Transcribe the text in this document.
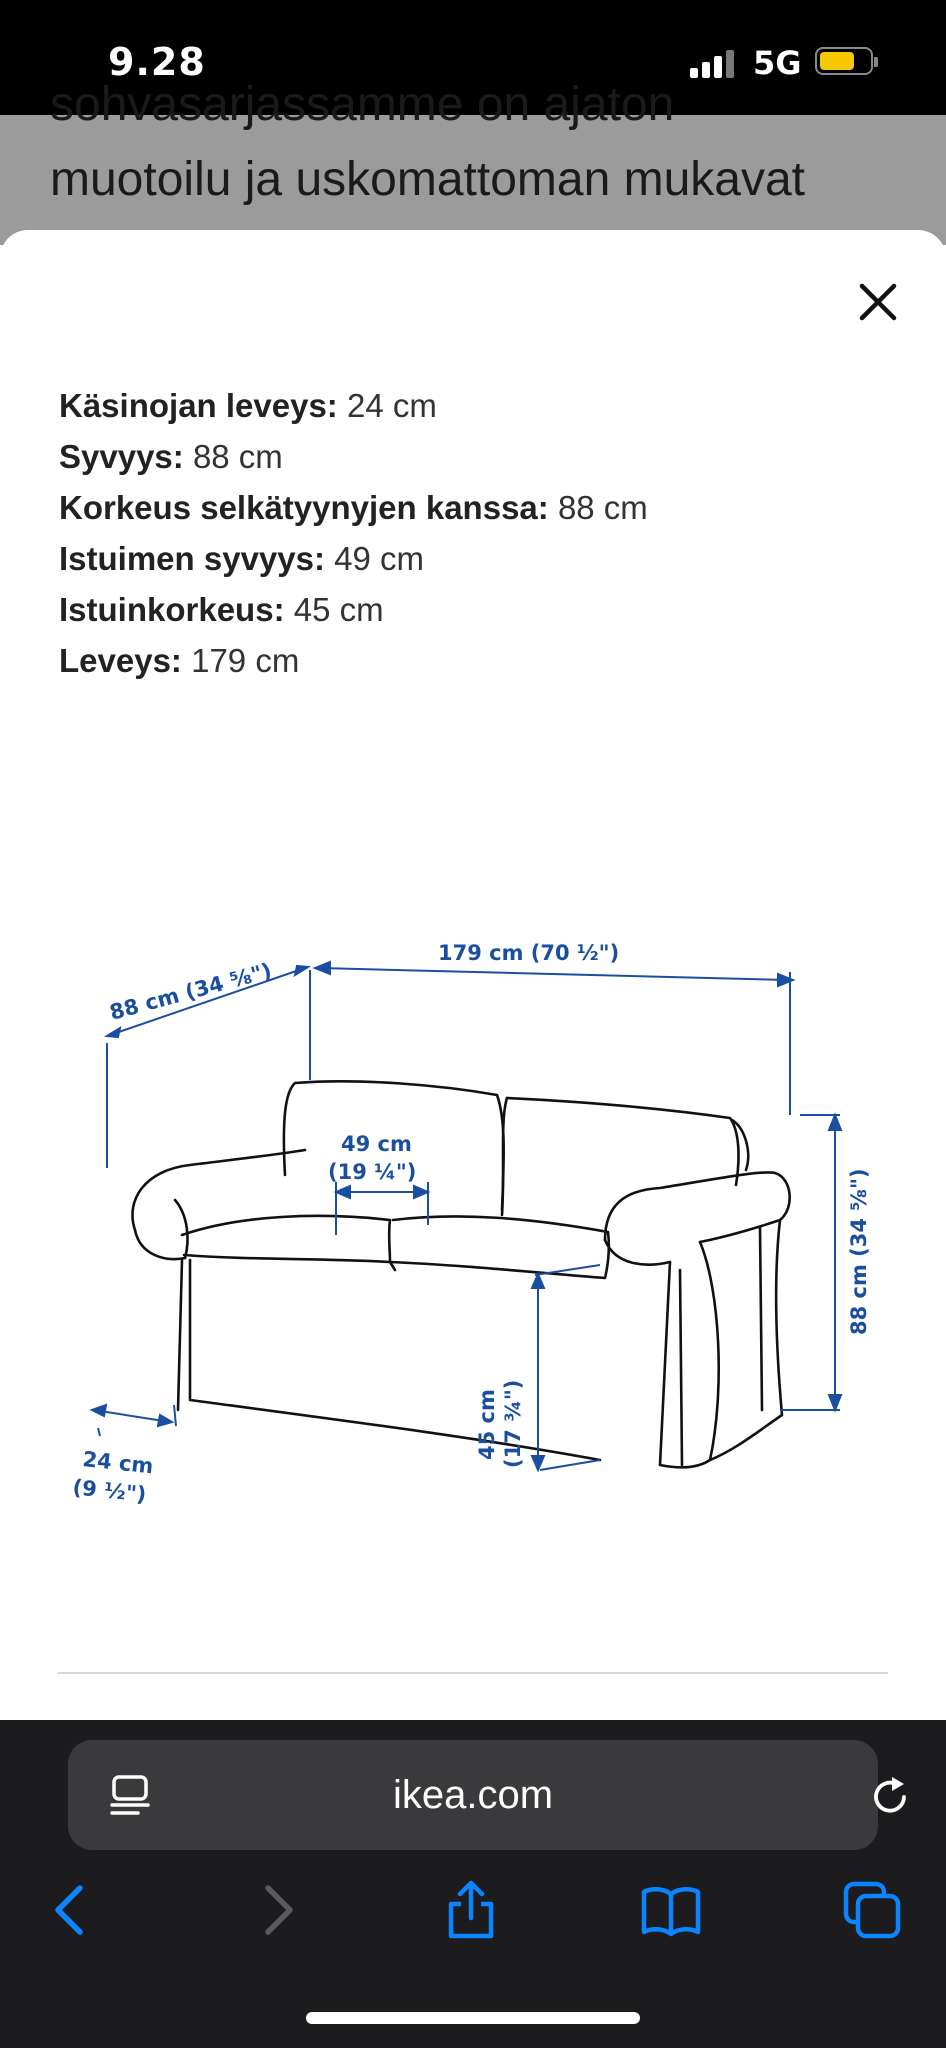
9.28	5G

sohvasarjassamme on ajaton

muotoilu ja uskomattoman mukavat

Käsinojan leveys: 24 cm
Syvyys: 88 cm
Korkeus selkätyynyjen kanssa: 88 cm
Istuimen syvyys: 49 cm
Istuinkorkeus: 45 cm
Leveys: 179 cm
88 cm (34 ⅝")
179 cm (70 ½")
49 cm
(19 ¼")	88 cm (34 ⅝")
45 cm (17 ¾")
24 cm
(9 ½")
ikea.com
